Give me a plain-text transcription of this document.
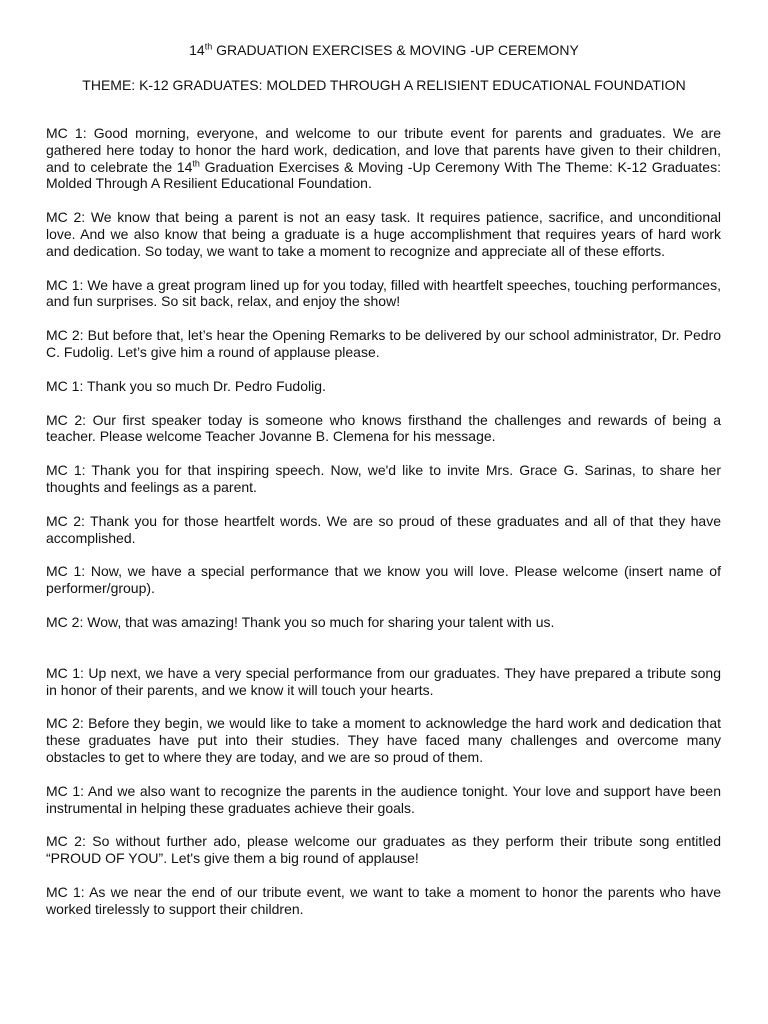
14th GRADUATION EXERCISES & MOVING -UP CEREMONY

THEME: K-12 GRADUATES: MOLDED THROUGH A RELISIENT EDUCATIONAL FOUNDATION

MC 1: Good morning, everyone, and welcome to our tribute event for parents and graduates. We are gathered here today to honor the hard work, dedication, and love that parents have given to their children, and to celebrate the 14th Graduation Exercises & Moving -Up Ceremony With The Theme: K-12 Graduates: Molded Through A Resilient Educational Foundation.

MC 2: We know that being a parent is not an easy task. It requires patience, sacrifice, and unconditional love. And we also know that being a graduate is a huge accomplishment that requires years of hard work and dedication. So today, we want to take a moment to recognize and appreciate all of these efforts.

MC 1: We have a great program lined up for you today, filled with heartfelt speeches, touching performances, and fun surprises. So sit back, relax, and enjoy the show!

MC 2: But before that, let’s hear the Opening Remarks to be delivered by our school administrator, Dr. Pedro C. Fudolig. Let’s give him a round of applause please.

MC 1: Thank you so much Dr. Pedro Fudolig.

MC 2: Our first speaker today is someone who knows firsthand the challenges and rewards of being a teacher. Please welcome Teacher Jovanne B. Clemena for his message.

MC 1: Thank you for that inspiring speech. Now, we'd like to invite Mrs. Grace G. Sarinas, to share her thoughts and feelings as a parent.

MC 2: Thank you for those heartfelt words. We are so proud of these graduates and all of that they have accomplished.

MC 1: Now, we have a special performance that we know you will love. Please welcome (insert name of performer/group).

MC 2: Wow, that was amazing! Thank you so much for sharing your talent with us.

MC 1: Up next, we have a very special performance from our graduates. They have prepared a tribute song in honor of their parents, and we know it will touch your hearts.

MC 2: Before they begin, we would like to take a moment to acknowledge the hard work and dedication that these graduates have put into their studies. They have faced many challenges and overcome many obstacles to get to where they are today, and we are so proud of them.

MC 1: And we also want to recognize the parents in the audience tonight. Your love and support have been instrumental in helping these graduates achieve their goals.

MC 2: So without further ado, please welcome our graduates as they perform their tribute song entitled “PROUD OF YOU”. Let's give them a big round of applause!

MC 1: As we near the end of our tribute event, we want to take a moment to honor the parents who have worked tirelessly to support their children.
